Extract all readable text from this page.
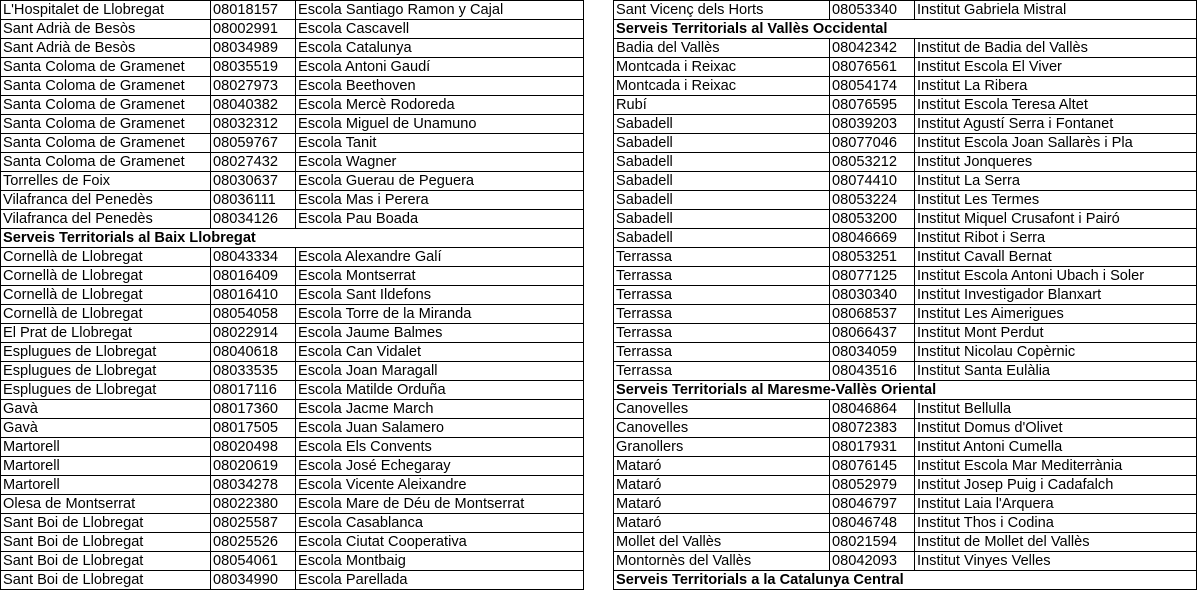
L'Hospitalet de Llobregat	08018157	Escola Santiago Ramon y Cajal
Sant Adrià de Besòs	08002991	Escola Cascavell
Sant Adrià de Besòs	08034989	Escola Catalunya
Santa Coloma de Gramenet	08035519	Escola Antoni Gaudí
Santa Coloma de Gramenet	08027973	Escola Beethoven
Santa Coloma de Gramenet	08040382	Escola Mercè Rodoreda
Santa Coloma de Gramenet	08032312	Escola Miguel de Unamuno
Santa Coloma de Gramenet	08059767	Escola Tanit
Santa Coloma de Gramenet	08027432	Escola Wagner
Torrelles de Foix	08030637	Escola Guerau de Peguera
Vilafranca del Penedès	08036111	Escola Mas i Perera
Vilafranca del Penedès	08034126	Escola Pau Boada
Serveis Territorials al Baix Llobregat		
Cornellà de Llobregat	08043334	Escola Alexandre Galí
Cornellà de Llobregat	08016409	Escola Montserrat
Cornellà de Llobregat	08016410	Escola Sant Ildefons
Cornellà de Llobregat	08054058	Escola Torre de la Miranda
El Prat de Llobregat	08022914	Escola Jaume Balmes
Esplugues de Llobregat	08040618	Escola Can Vidalet
Esplugues de Llobregat	08033535	Escola Joan Maragall
Esplugues de Llobregat	08017116	Escola Matilde Orduña
Gavà	08017360	Escola Jacme March
Gavà	08017505	Escola Juan Salamero
Martorell	08020498	Escola Els Convents
Martorell	08020619	Escola José Echegaray
Martorell	08034278	Escola Vicente Aleixandre
Olesa de Montserrat	08022380	Escola Mare de Déu de Montserrat
Sant Boi de Llobregat	08025587	Escola Casablanca
Sant Boi de Llobregat	08025526	Escola Ciutat Cooperativa
Sant Boi de Llobregat	08054061	Escola Montbaig
Sant Boi de Llobregat	08034990	Escola Parellada
Sant Vicenç dels Horts	08053340	Institut Gabriela Mistral
Serveis Territorials al Vallès Occidental		
Badia del Vallès	08042342	Institut de Badia del Vallès
Montcada i Reixac	08076561	Institut Escola El Viver
Montcada i Reixac	08054174	Institut La Ribera
Rubí	08076595	Institut Escola Teresa Altet
Sabadell	08039203	Institut Agustí Serra i Fontanet
Sabadell	08077046	Institut Escola Joan Sallarès i Pla
Sabadell	08053212	Institut Jonqueres
Sabadell	08074410	Institut La Serra
Sabadell	08053224	Institut Les Termes
Sabadell	08053200	Institut Miquel Crusafont i Pairó
Sabadell	08046669	Institut Ribot i Serra
Terrassa	08053251	Institut Cavall Bernat
Terrassa	08077125	Institut Escola Antoni Ubach i Soler
Terrassa	08030340	Institut Investigador Blanxart
Terrassa	08068537	Institut Les Aimerigues
Terrassa	08066437	Institut Mont Perdut
Terrassa	08034059	Institut Nicolau Copèrnic
Terrassa	08043516	Institut Santa Eulàlia
Serveis Territorials al Maresme-Vallès Oriental		
Canovelles	08046864	Institut Bellulla
Canovelles	08072383	Institut Domus d'Olivet
Granollers	08017931	Institut Antoni Cumella
Mataró	08076145	Institut Escola Mar Mediterrània
Mataró	08052979	Institut Josep Puig i Cadafalch
Mataró	08046797	Institut Laia l'Arquera
Mataró	08046748	Institut Thos i Codina
Mollet del Vallès	08021594	Institut de Mollet del Vallès
Montornès del Vallès	08042093	Institut Vinyes Velles
Serveis Territorials a la Catalunya Central		
